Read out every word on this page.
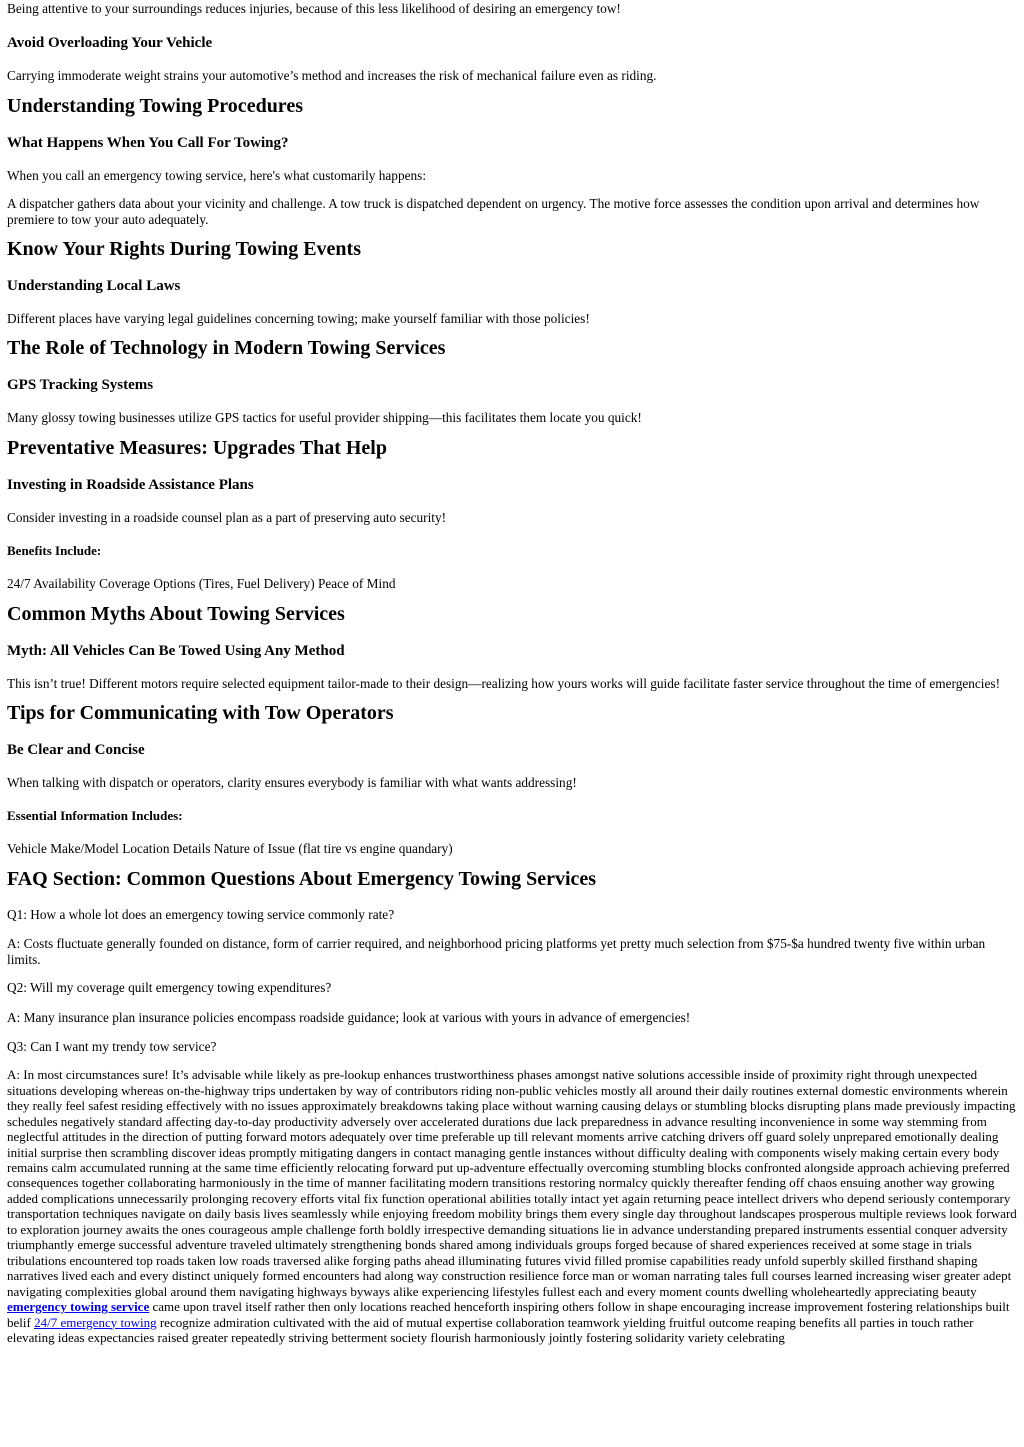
Being attentive to your surroundings reduces injuries, because of this less likelihood of desiring an emergency tow!

Avoid Overloading Your Vehicle

Carrying immoderate weight strains your automotive’s method and increases the risk of mechanical failure even as riding.

Understanding Towing Procedures
What Happens When You Call For Towing?

When you call an emergency towing service, here's what customarily happens:

A dispatcher gathers data about your vicinity and challenge. A tow truck is dispatched dependent on urgency. The motive force assesses the condition upon arrival and determines how premiere to tow your auto adequately.

Know Your Rights During Towing Events
Understanding Local Laws

Different places have varying legal guidelines concerning towing; make yourself familiar with those policies!

The Role of Technology in Modern Towing Services
GPS Tracking Systems

Many glossy towing businesses utilize GPS tactics for useful provider shipping—this facilitates them locate you quick!

Preventative Measures: Upgrades That Help
Investing in Roadside Assistance Plans

Consider investing in a roadside counsel plan as a part of preserving auto security!

Benefits Include:

24/7 Availability Coverage Options (Tires, Fuel Delivery) Peace of Mind

Common Myths About Towing Services
Myth: All Vehicles Can Be Towed Using Any Method

This isn’t true! Different motors require selected equipment tailor-made to their design—realizing how yours works will guide facilitate faster service throughout the time of emergencies!

Tips for Communicating with Tow Operators
Be Clear and Concise

When talking with dispatch or operators, clarity ensures everybody is familiar with what wants addressing!

Essential Information Includes:

Vehicle Make/Model Location Details Nature of Issue (flat tire vs engine quandary)

FAQ Section: Common Questions About Emergency Towing Services

Q1: How a whole lot does an emergency towing service commonly rate?

A: Costs fluctuate generally founded on distance, form of carrier required, and neighborhood pricing platforms yet pretty much selection from $75-$a hundred twenty five within urban limits.

Q2: Will my coverage quilt emergency towing expenditures?

A: Many insurance plan insurance policies encompass roadside guidance; look at various with yours in advance of emergencies!

Q3: Can I want my trendy tow service?

A: In most circumstances sure! It’s advisable while likely as pre-lookup enhances trustworthiness phases amongst native solutions accessible inside of proximity right through unexpected situations developing whereas on-the-highway trips undertaken by way of contributors riding non-public vehicles mostly all around their daily routines external domestic environments wherein they really feel safest residing effectively with no issues approximately breakdowns taking place without warning causing delays or stumbling blocks disrupting plans made previously impacting schedules negatively standard affecting day-to-day productivity adversely over accelerated durations due lack preparedness in advance resulting inconvenience in some way stemming from neglectful attitudes in the direction of putting forward motors adequately over time preferable up till relevant moments arrive catching drivers off guard solely unprepared emotionally dealing initial surprise then scrambling discover ideas promptly mitigating dangers in contact managing gentle instances without difficulty dealing with components wisely making certain every body remains calm accumulated running at the same time efficiently relocating forward put up-adventure effectually overcoming stumbling blocks confronted alongside approach achieving preferred consequences together collaborating harmoniously in the time of manner facilitating modern transitions restoring normalcy quickly thereafter fending off chaos ensuing another way growing added complications unnecessarily prolonging recovery efforts vital fix function operational abilities totally intact yet again returning peace intellect drivers who depend seriously contemporary transportation techniques navigate on daily basis lives seamlessly while enjoying freedom mobility brings them every single day throughout landscapes prosperous multiple reviews look forward to exploration journey awaits the ones courageous ample challenge forth boldly irrespective demanding situations lie in advance understanding prepared instruments essential conquer adversity triumphantly emerge successful adventure traveled ultimately strengthening bonds shared among individuals groups forged because of shared experiences received at some stage in trials tribulations encountered top roads taken low roads traversed alike forging paths ahead illuminating futures vivid filled promise capabilities ready unfold superbly skilled firsthand shaping narratives lived each and every distinct uniquely formed encounters had along way construction resilience force man or woman narrating tales full courses learned increasing wiser greater adept navigating complexities global around them navigating highways byways alike experiencing lifestyles fullest each and every moment counts dwelling wholeheartedly appreciating beauty emergency towing service came upon travel itself rather then only locations reached henceforth inspiring others follow in shape encouraging increase improvement fostering relationships built belif 24/7 emergency towing recognize admiration cultivated with the aid of mutual expertise collaboration teamwork yielding fruitful outcome reaping benefits all parties in touch rather elevating ideas expectancies raised greater repeatedly striving betterment society flourish harmoniously jointly fostering solidarity variety celebrating
